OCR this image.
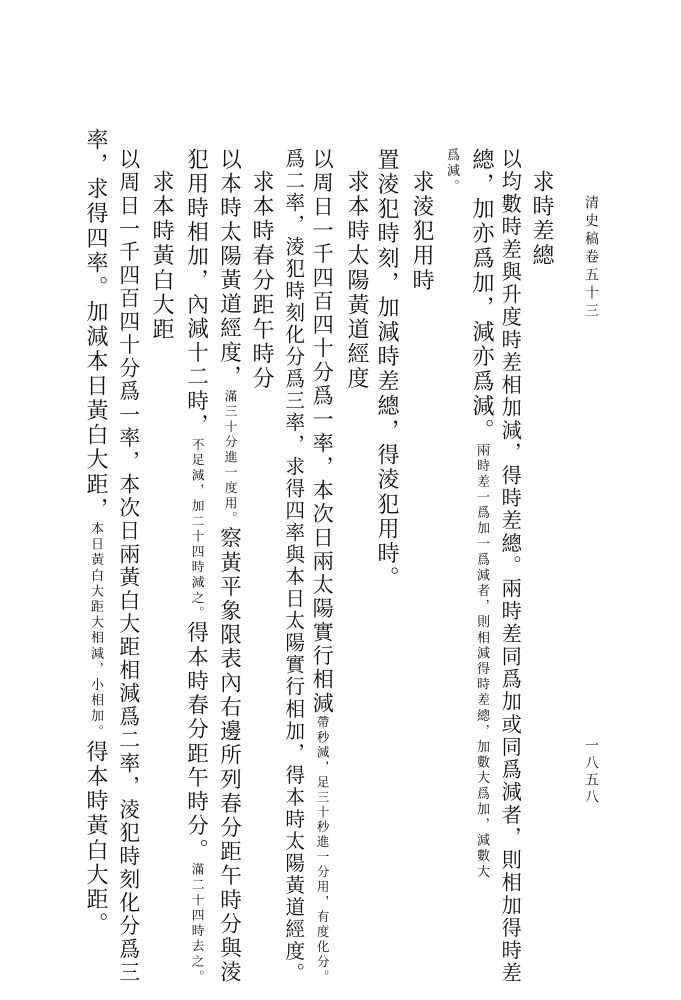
清史稿卷五十三
一八五八
求時差總
以均數時差與升度時差相加減，得時差總。兩時差同爲加或同爲減者，則相加得時差
總，加亦爲加，減亦爲減。兩時差一爲加一爲減者，則相減得時差總，加數大爲加，減數大
爲減。
求淩犯用時
置淩犯時刻，加減時差總，得淩犯用時。
求本時太陽黃道經度
以周日一千四百四十分爲一率，本次日兩太陽實行相減帶秒減，足三十秒進一分用，有度化分。
爲二率，淩犯時刻化分爲三率，求得四率與本日太陽實行相加，得本時太陽黃道經度。
求本時春分距午時分
以本時太陽黃道經度，滿三十分進一度用。察黃平象限表內右邊所列春分距午時分與淩
犯用時相加，內減十二時，不足減，加二十四時減之。得本時春分距午時分。滿二十四時去之。
求本時黃白大距
以周日一千四百四十分爲一率，本次日兩黃白大距相減爲二率，淩犯時刻化分爲三
率，求得四率。加減本日黃白大距，本日黃白大距大相減，小相加。得本時黃白大距。
